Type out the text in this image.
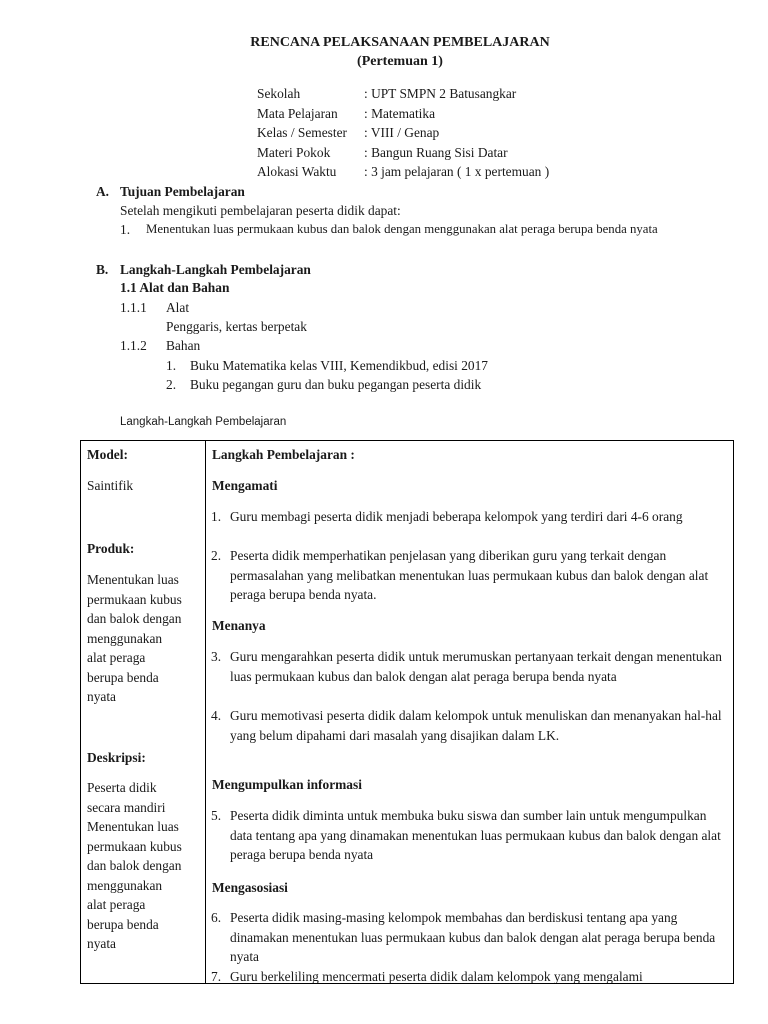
RENCANA PELAKSANAAN PEMBELAJARAN
(Pertemuan 1)
Sekolah	: UPT SMPN 2 Batusangkar
Mata Pelajaran : Matematika
Kelas / Semester : VIII / Genap
Materi Pokok	: Bangun Ruang Sisi Datar
Alokasi Waktu : 3 jam pelajaran ( 1 x pertemuan )
A. Tujuan Pembelajaran
Setelah mengikuti pembelajaran peserta didik dapat:
1. Menentukan luas permukaan kubus dan balok dengan menggunakan alat peraga berupa benda nyata
B. Langkah-Langkah Pembelajaran
1.1 Alat dan Bahan
1.1.1 Alat
Penggaris, kertas berpetak
1.1.2 Bahan
1. Buku Matematika kelas VIII, Kemendikbud, edisi 2017
2. Buku pegangan guru dan buku pegangan peserta didik
Langkah-Langkah Pembelajaran
Model:
Saintifik
Produk:
Menentukan luas
permukaan kubus
dan balok dengan
menggunakan
alat peraga
berupa benda
nyata
Deskripsi:
Peserta didik
secara mandiri
Menentukan luas
permukaan kubus
dan balok dengan
menggunakan
alat peraga
berupa benda
nyata
Langkah Pembelajaran :
Mengamati
1. Guru membagi peserta didik menjadi beberapa kelompok yang terdiri dari 4-6 orang
2. Peserta didik memperhatikan penjelasan yang diberikan guru yang terkait dengan permasalahan yang melibatkan menentukan luas permukaan kubus dan balok dengan alat peraga berupa benda nyata.
Menanya
3. Guru mengarahkan peserta didik untuk merumuskan pertanyaan terkait dengan menentukan luas permukaan kubus dan balok dengan alat peraga berupa benda nyata
4. Guru memotivasi peserta didik dalam kelompok untuk menuliskan dan menanyakan hal-hal yang belum dipahami dari masalah yang disajikan dalam LK.
Mengumpulkan informasi
5. Peserta didik diminta untuk membuka buku siswa dan sumber lain untuk mengumpulkan data tentang apa yang dinamakan menentukan luas permukaan kubus dan balok dengan alat peraga berupa benda nyata
Mengasosiasi
6. Peserta didik masing-masing kelompok membahas dan berdiskusi tentang apa yang dinamakan menentukan luas permukaan kubus dan balok dengan alat peraga berupa benda nyata
7. Guru berkeliling mencermati peserta didik dalam kelompok yang mengalami
